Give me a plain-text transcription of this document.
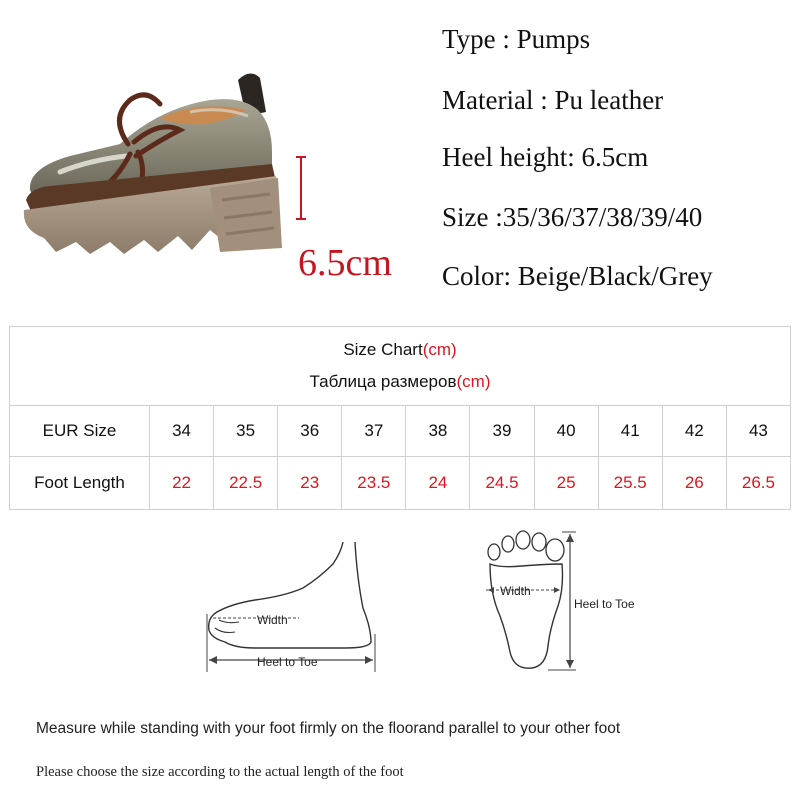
6.5cm
Type : Pumps
Material : Pu leather
Heel height: 6.5cm
Size :35/36/37/38/39/40
Color: Beige/Black/Grey
Size Chart(cm)
Таблица размеров(cm)										

EUR Size	34	35	36	37	38	39	40	41	42	43
Foot Length	22	22.5	23	23.5	24	24.5	25	25.5	26	26.5
Width
Heel to Toe
Width
Heel to Toe
Measure while standing with your foot firmly on the floorand parallel to your other foot
Please choose the size according to the actual length of the foot
